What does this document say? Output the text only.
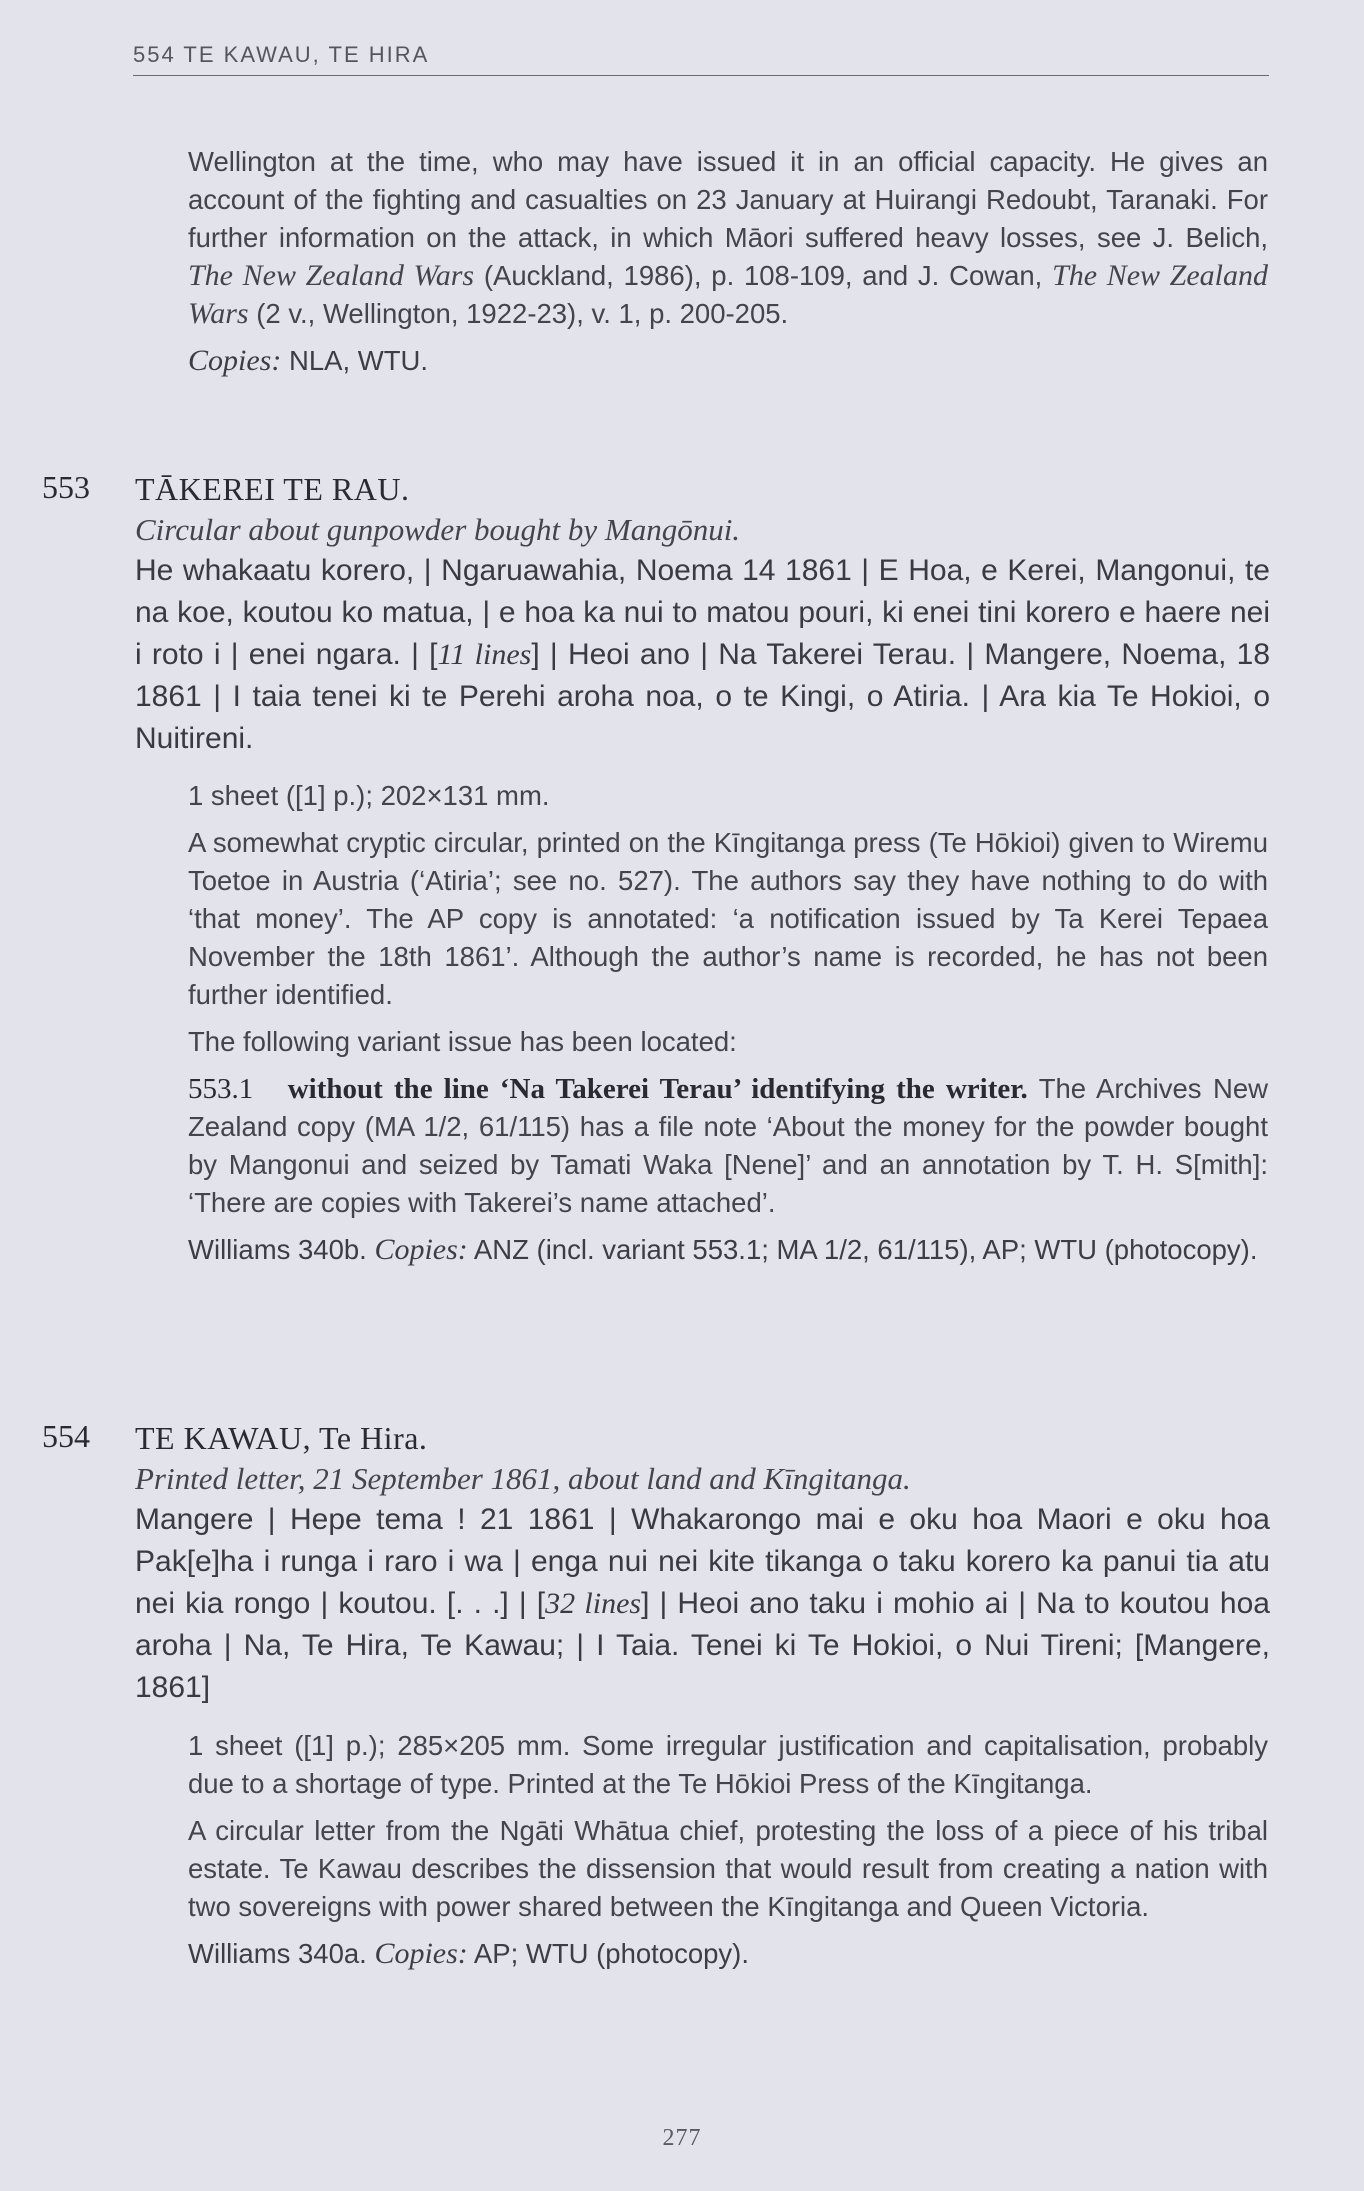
554 TE KAWAU, TE HIRA

Wellington at the time, who may have issued it in an official capacity. He gives an account of the fighting and casualties on 23 January at Huirangi Redoubt, Taranaki. For further information on the attack, in which Māori suffered heavy losses, see J. Belich, The New Zealand Wars (Auckland, 1986), p. 108-109, and J. Cowan, The New Zealand Wars (2 v., Wellington, 1922-23), v. 1, p. 200-205.

Copies: NLA, WTU.

553 TĀKEREI TE RAU.

Circular about gunpowder bought by Mangōnui.

He whakaatu korero, | Ngaruawahia, Noema 14 1861 | E Hoa, e Kerei, Mangonui, te na koe, koutou ko matua, | e hoa ka nui to matou pouri, ki enei tini korero e haere nei i roto i | enei ngara. | [11 lines] | Heoi ano | Na Takerei Terau. | Mangere, Noema, 18 1861 | I taia tenei ki te Perehi aroha noa, o te Kingi, o Atiria. | Ara kia Te Hokioi, o Nuitireni.

1 sheet ([1] p.); 202×131 mm.

A somewhat cryptic circular, printed on the Kīngitanga press (Te Hōkioi) given to Wiremu Toetoe in Austria (‘Atiria’; see no. 527). The authors say they have nothing to do with ‘that money’. The AP copy is annotated: ‘a notification issued by Ta Kerei Tepaea November the 18th 1861’. Although the author’s name is recorded, he has not been further identified.

The following variant issue has been located:

553.1 without the line ‘Na Takerei Terau’ identifying the writer. The Archives New Zealand copy (MA 1/2, 61/115) has a file note ‘About the money for the powder bought by Mangonui and seized by Tamati Waka [Nene]’ and an annotation by T. H. S[mith]: ‘There are copies with Takerei’s name attached’.

Williams 340b. Copies: ANZ (incl. variant 553.1; MA 1/2, 61/115), AP; WTU (photocopy).

554 TE KAWAU, Te Hira.

Printed letter, 21 September 1861, about land and Kīngitanga.

Mangere | Hepe tema ! 21 1861 | Whakarongo mai e oku hoa Maori e oku hoa Pak[e]ha i runga i raro i wa | enga nui nei kite tikanga o taku korero ka panui tia atu nei kia rongo | koutou. [. . .] | [32 lines] | Heoi ano taku i mohio ai | Na to koutou hoa aroha | Na, Te Hira, Te Kawau; | I Taia. Tenei ki Te Hokioi, o Nui Tireni; [Mangere, 1861]

1 sheet ([1] p.); 285×205 mm. Some irregular justification and capitalisation, probably due to a shortage of type. Printed at the Te Hōkioi Press of the Kīngitanga.

A circular letter from the Ngāti Whātua chief, protesting the loss of a piece of his tribal estate. Te Kawau describes the dissension that would result from creating a nation with two sovereigns with power shared between the Kīngitanga and Queen Victoria.

Williams 340a. Copies: AP; WTU (photocopy).

277
